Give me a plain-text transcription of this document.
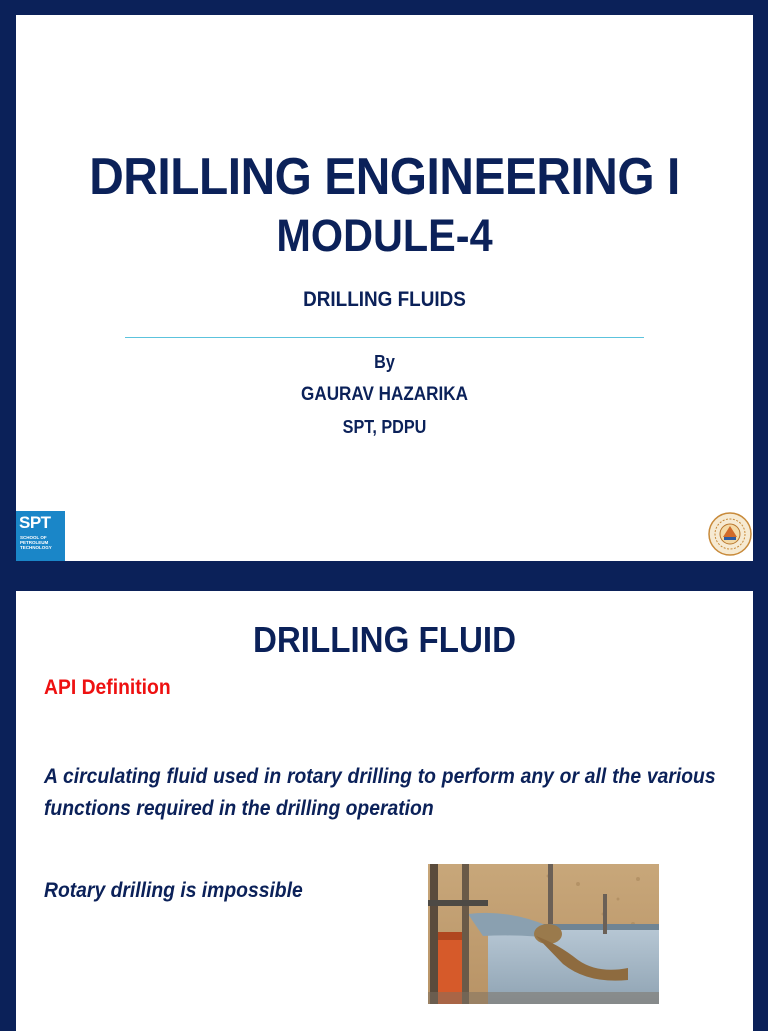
DRILLING ENGINEERING I
MODULE-4
DRILLING FLUIDS
By
GAURAV HAZARIKA
SPT, PDPU
SPT
SCHOOL OF
PETROLEUM
TECHNOLOGY
DRILLING FLUID
API Definition
A circulating fluid used in rotary drilling to perform any or all the various functions required in the drilling operation
Rotary drilling is impossible
